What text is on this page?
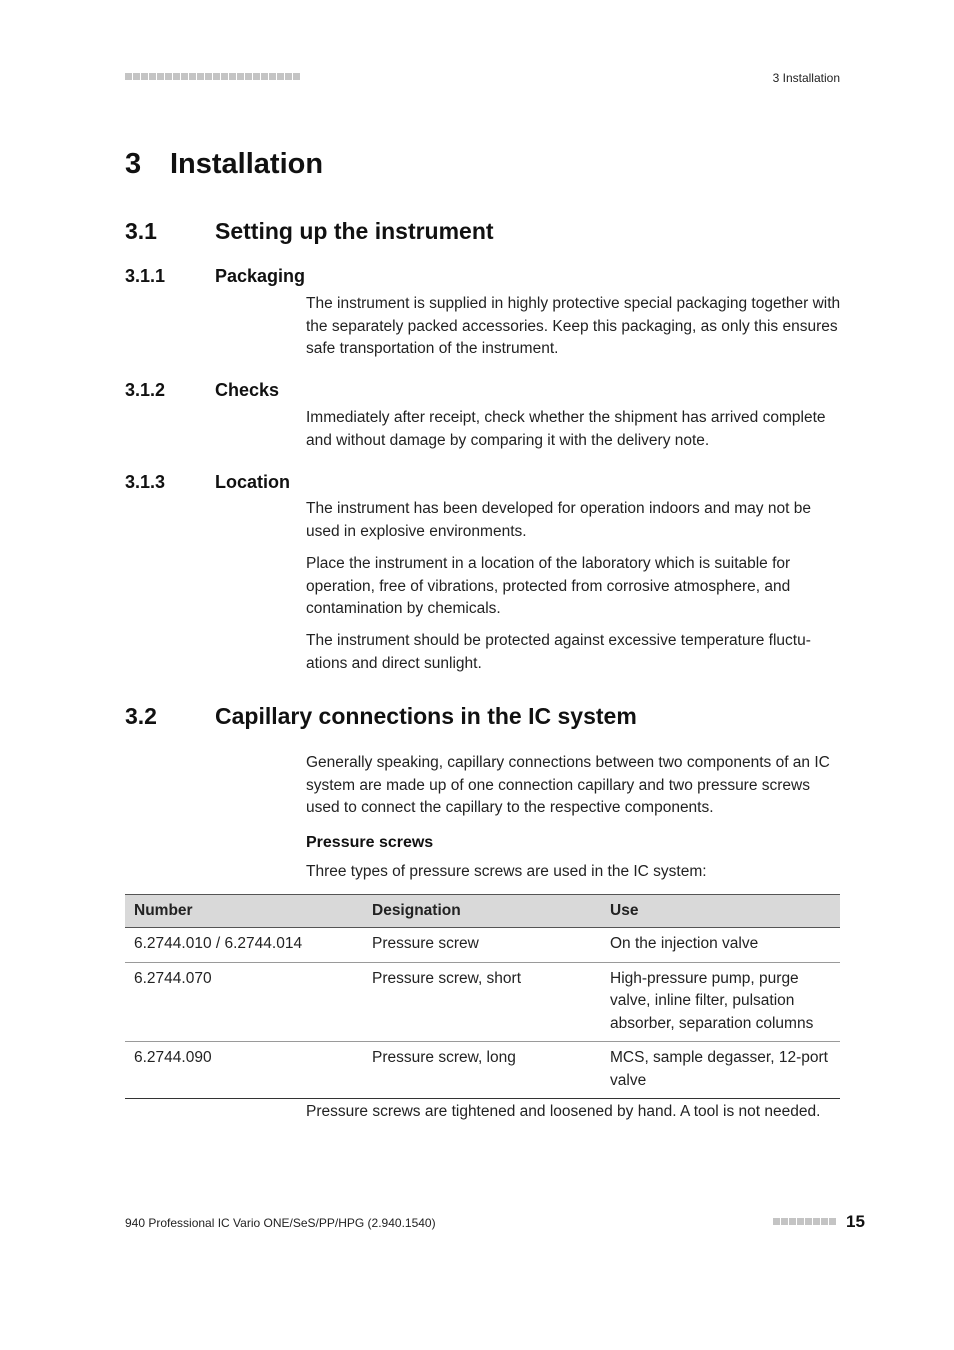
3 Installation
3 Installation
3.1	Setting up the instrument
3.1.1	Packaging

The instrument is supplied in highly protective special packaging together with the separately packed accessories. Keep this packaging, as only this ensures safe transportation of the instrument.

3.1.2	Checks

Immediately after receipt, check whether the shipment has arrived complete and without damage by comparing it with the delivery note.

3.1.3	Location

The instrument has been developed for operation indoors and may not be used in explosive environments.

Place the instrument in a location of the laboratory which is suitable for operation, free of vibrations, protected from corrosive atmosphere, and contamination by chemicals.

The instrument should be protected against excessive temperature fluctuations and direct sunlight.

3.2	Capillary connections in the IC system

Generally speaking, capillary connections between two components of an IC system are made up of one connection capillary and two pressure screws used to connect the capillary to the respective components.

Pressure screws

Three types of pressure screws are used in the IC system:

Number	Designation	Use
6.2744.010 / 6.2744.014	Pressure screw	On the injection valve
6.2744.070	Pressure screw, short	High-pressure pump, purge valve, inline filter, pulsation absorber, separation columns
6.2744.090	Pressure screw, long	MCS, sample degasser, 12-port valve

Pressure screws are tightened and loosened by hand. A tool is not needed.

940 Professional IC Vario ONE/SeS/PP/HPG (2.940.1540)	15
